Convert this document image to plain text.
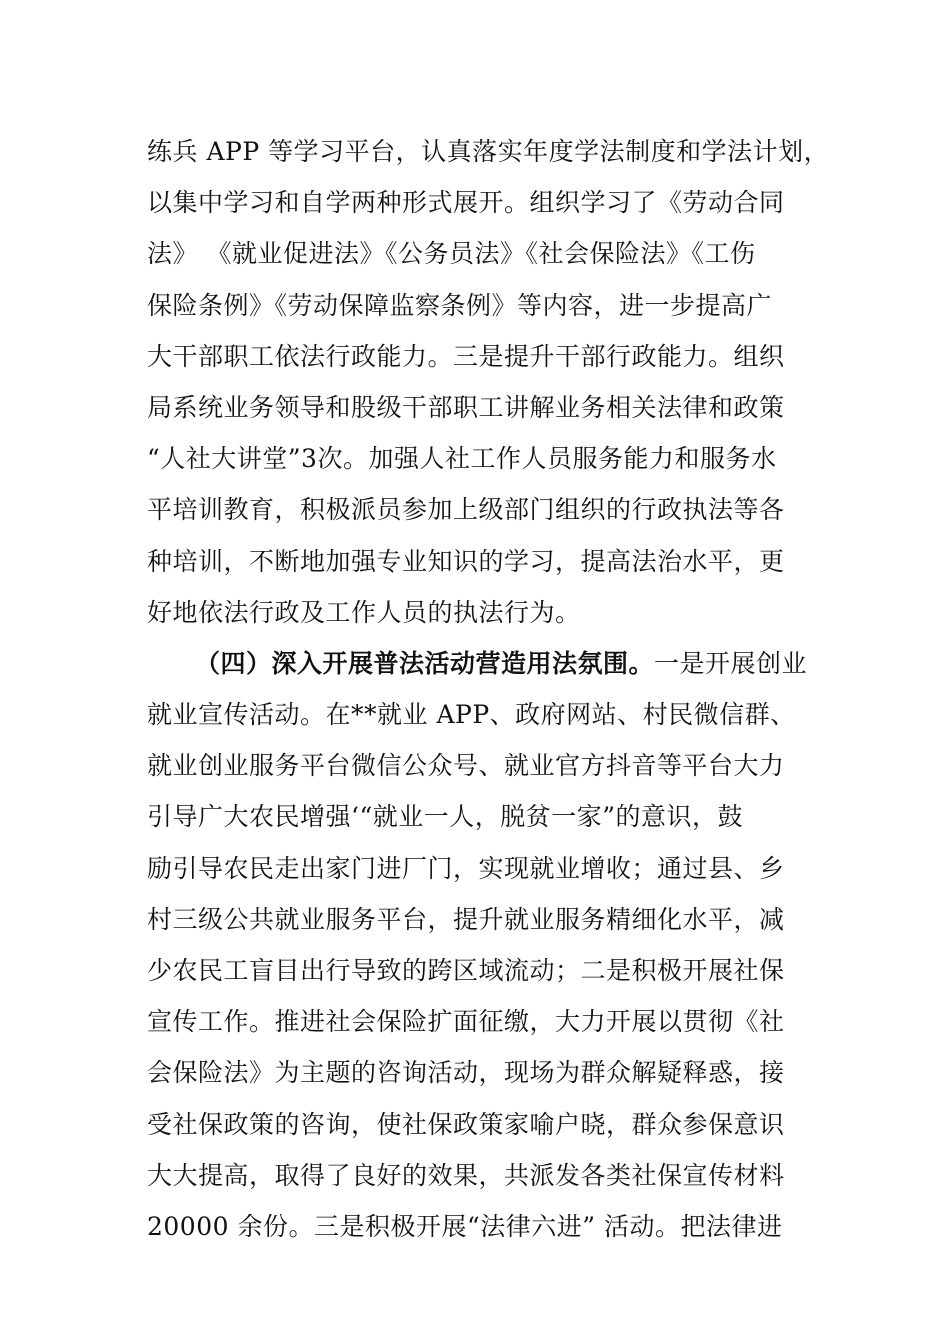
练兵 APP 等学习平台，认真落实年度学法制度和学法计划，
以集中学习和自学两种形式展开。组织学习了《劳动合同
法》 《就业促进法》《公务员法》《社会保险法》《工伤
保险条例》《劳动保障监察条例》等内容，进一步提高广
大干部职工依法行政能力。三是提升干部行政能力。组织
局系统业务领导和股级干部职工讲解业务相关法律和政策
“人社大讲堂”3次。加强人社工作人员服务能力和服务水
平培训教育，积极派员参加上级部门组织的行政执法等各
种培训，不断地加强专业知识的学习，提高法治水平，更
好地依法行政及工作人员的执法行为。
（四）深入开展普法活动营造用法氛围。一是开展创业
就业宣传活动。在**就业 APP、政府网站、村民微信群、
就业创业服务平台微信公众号、就业官方抖音等平台大力
引导广大农民增强‘“就业一人，脱贫一家”的意识，鼓
励引导农民走出家门进厂门，实现就业增收；通过县、乡
村三级公共就业服务平台，提升就业服务精细化水平，减
少农民工盲目出行导致的跨区域流动；二是积极开展社保
宣传工作。推进社会保险扩面征缴，大力开展以贯彻《社
会保险法》为主题的咨询活动，现场为群众解疑释惑，接
受社保政策的咨询，使社保政策家喻户晓，群众参保意识
大大提高，取得了良好的效果，共派发各类社保宣传材料
20000 余份。三是积极开展“法律六进” 活动。把法律进
